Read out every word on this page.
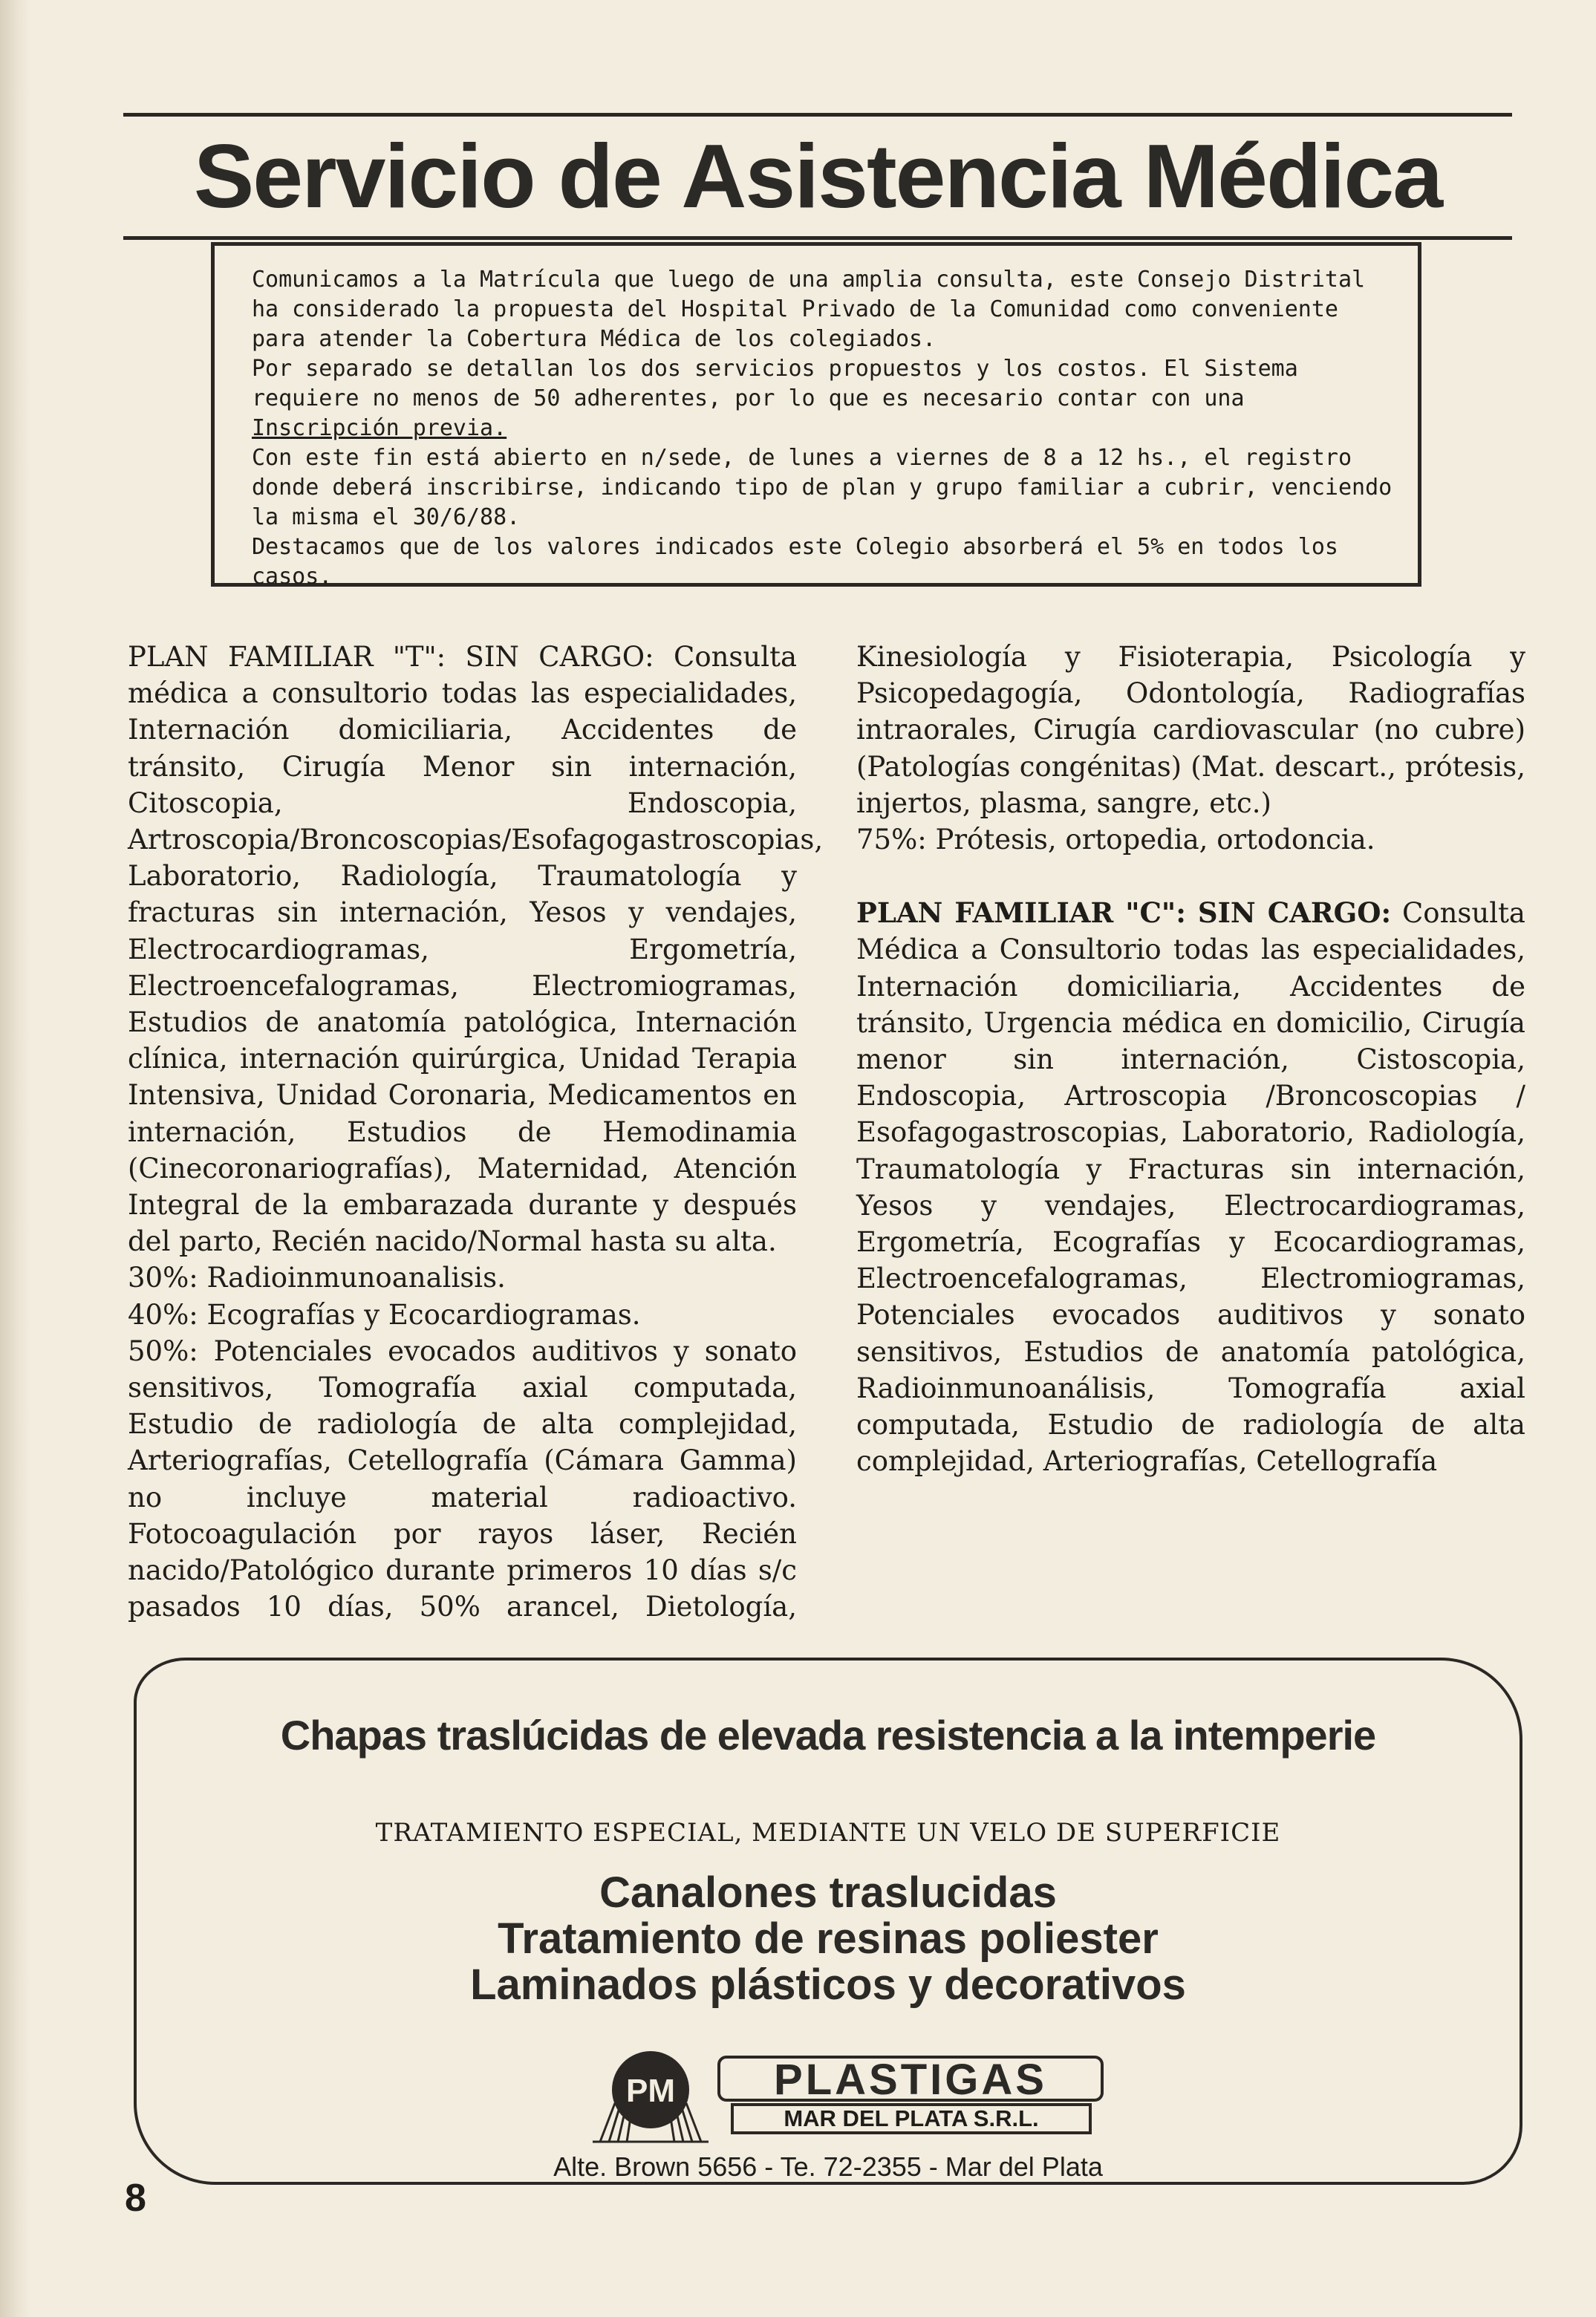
Servicio de Asistencia Médica

Comunicamos a la Matrícula que luego de una amplia consulta, este Consejo Distrital ha considerado la propuesta del Hospital Privado de la Comunidad como conveniente para atender la Cobertura Médica de los colegiados.

Por separado se detallan los dos servicios propuestos y los costos. El Sistema requiere no menos de 50 adherentes, por lo que es necesario contar con una Inscripción previa.

Con este fin está abierto en n/sede, de lunes a viernes de 8 a 12 hs., el registro donde deberá inscribirse, indicando tipo de plan y grupo familiar a cubrir, venciendo la misma el 30/6/88.

Destacamos que de los valores indicados este Colegio absorberá el 5% en todos los casos.

PLAN FAMILIAR "T": SIN CARGO: Consulta médica a consultorio todas las especialidades, Internación domiciliaria, Accidentes de tránsito, Cirugía Menor sin internación, Citoscopia, Endoscopia, Artroscopia/Broncoscopias/Esofagogastroscopias, Laboratorio, Radiología, Traumatología y fracturas sin internación, Yesos y vendajes, Electrocardiogramas, Ergometría, Electroencefalogramas, Electromiogramas, Estudios de anatomía patológica, Internación clínica, internación quirúrgica, Unidad Terapia Intensiva, Unidad Coronaria, Medicamentos en internación, Estudios de Hemodinamia (Cinecoronariografías), Maternidad, Atención Integral de la embarazada durante y después del parto, Recién nacido/Normal hasta su alta.

30%: Radioinmunoanalisis.

40%: Ecografías y Ecocardiogramas.

50%: Potenciales evocados auditivos y sonato sensitivos, Tomografía axial computada, Estudio de radiología de alta complejidad, Arteriografías, Cetellografía (Cámara Gamma) no incluye material radioactivo. Fotocoagulación por rayos láser, Recién nacido/Patológico durante primeros 10 días s/c pasados 10 días, 50% arancel, Dietología, Kinesiología y Fisioterapia, Psicología y Psicopedagogía, Odontología, Radiografías intraorales, Cirugía cardiovascular (no cubre) (Patologías congénitas) (Mat. descart., prótesis, injertos, plasma, sangre, etc.)

75%: Prótesis, ortopedia, ortodoncia.

PLAN FAMILIAR "C": SIN CARGO: Consulta Médica a Consultorio todas las especialidades, Internación domiciliaria, Accidentes de tránsito, Urgencia médica en domicilio, Cirugía menor sin internación, Cistoscopia, Endoscopia, Artroscopia /Broncoscopias / Esofagogastroscopias, Laboratorio, Radiología, Traumatología y Fracturas sin internación, Yesos y vendajes, Electrocardiogramas, Ergometría, Ecografías y Ecocardiogramas, Electroencefalogramas, Electromiogramas, Potenciales evocados auditivos y sonato sensitivos, Estudios de anatomía patológica, Radioinmunoanálisis, Tomografía axial computada, Estudio de radiología de alta complejidad, Arteriografías, Cetellografía

Chapas traslúcidas de elevada resistencia a la intemperie
TRATAMIENTO ESPECIAL, MEDIANTE UN VELO DE SUPERFICIE
Canalones traslucidas
Tratamiento de resinas poliester
Laminados plásticos y decorativos
PM	PLASTIGAS
MAR DEL PLATA S.R.L.
Alte. Brown 5656 - Te. 72-2355 - Mar del Plata
8
